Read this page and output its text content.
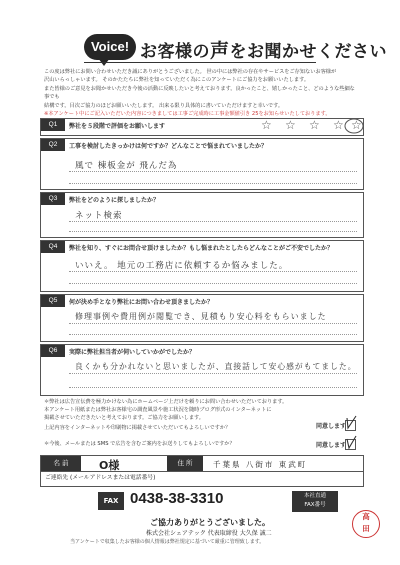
Voice! お客様の声をお聞かせください
この度は弊社にお問い合わせいただき誠にありがとうございました。 世の中には弊社の存在やサービスをご存知ないお客様が
沢山いらっしゃいます。 そのかたたちに弊社を知っていただく為にこのアンケートにご協力をお願いいたします。
また皆様のご意見をお聞かせいただき今後の活動に反映したいと考えております。良かったこと、嬉しかったこと、どのような些細な事でも
結構です。目次ご協力のほどお願いいたします。 出来る限り具体的に書いていただけますと幸いです。
※本アンケート中にご記入いただいた内容につきましては工事ご完成時に工事金額値引き 25をお知らせいたしております。
Q1	弊社を５段階で評価をお願いします	☆ ☆ ☆ ☆ ☆
Q2	工事を検討したきっかけは何ですか？どんなことで悩まれていましたか？
風で 棟板金が 飛んだ為
Q3	弊社をどのように探しましたか？
ネット検索
Q4	弊社を知り、すぐにお問合せ頂けましたか？もし悩まれたとしたらどんなことがご不安でしたか？
いいえ。 地元の工務店に依頼するか悩みました。
Q5	何が決め手となり弊社にお問い合わせ頂きましたか？
修理事例や費用例が閲覧でき、見積もり安心料をもらいました
Q6	実際に弊社担当者が伺いしていかがでしたか？
良くかも分かれないと思いましたが、直接話して安心感がもてました。
＊弊社は広告宣伝費を極力かけない為にホームページ上だけを頼りにお問い合わせいただいております。
本アンケート用紙または弊社お客様宅の調査風景や施工状況を随時ブログ形式のインターネットに
掲載させていただきたいと考えております。ご協力をお願いします。
上記内容をインターネットや印刷物に掲載させていただいてもよろしいですか？	同意します
＊今後、メールまたは SMS で広告を含むご案内をお送りしてもよろしいですか？	同意します
名 前	O様	住 所	千葉県 八街市 東武町
ご連絡先 (メールアドレスまたは電話番号)
FAX 0438-38-3310	本社直通
FAX番号
ご協力ありがとうございました。
株式会社シェアテック 代表取締役 大久保 誠二
当アンケートで収集したお客様の個人情報は弊社規定に基づいて厳重に管理致します。
高
田
